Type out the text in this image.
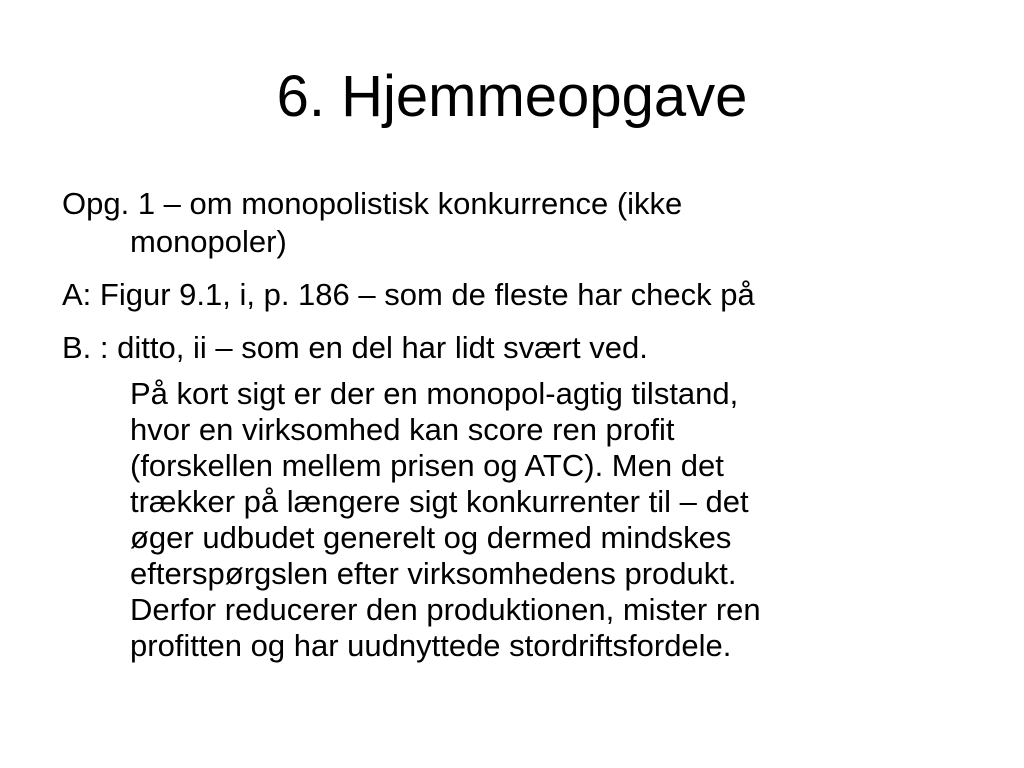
6. Hjemmeopgave

Opg. 1 – om monopolistisk konkurrence (ikke
monopoler)

A: Figur 9.1, i, p. 186 – som de fleste har check på

B. : ditto, ii – som en del har lidt svært ved.

På kort sigt er der en monopol-agtig tilstand,
hvor en virksomhed kan score ren profit
(forskellen mellem prisen og ATC). Men det
trækker på længere sigt konkurrenter til – det
øger udbudet generelt og dermed mindskes
efterspørgslen efter virksomhedens produkt.
Derfor reducerer den produktionen, mister ren
profitten og har uudnyttede stordriftsfordele.
